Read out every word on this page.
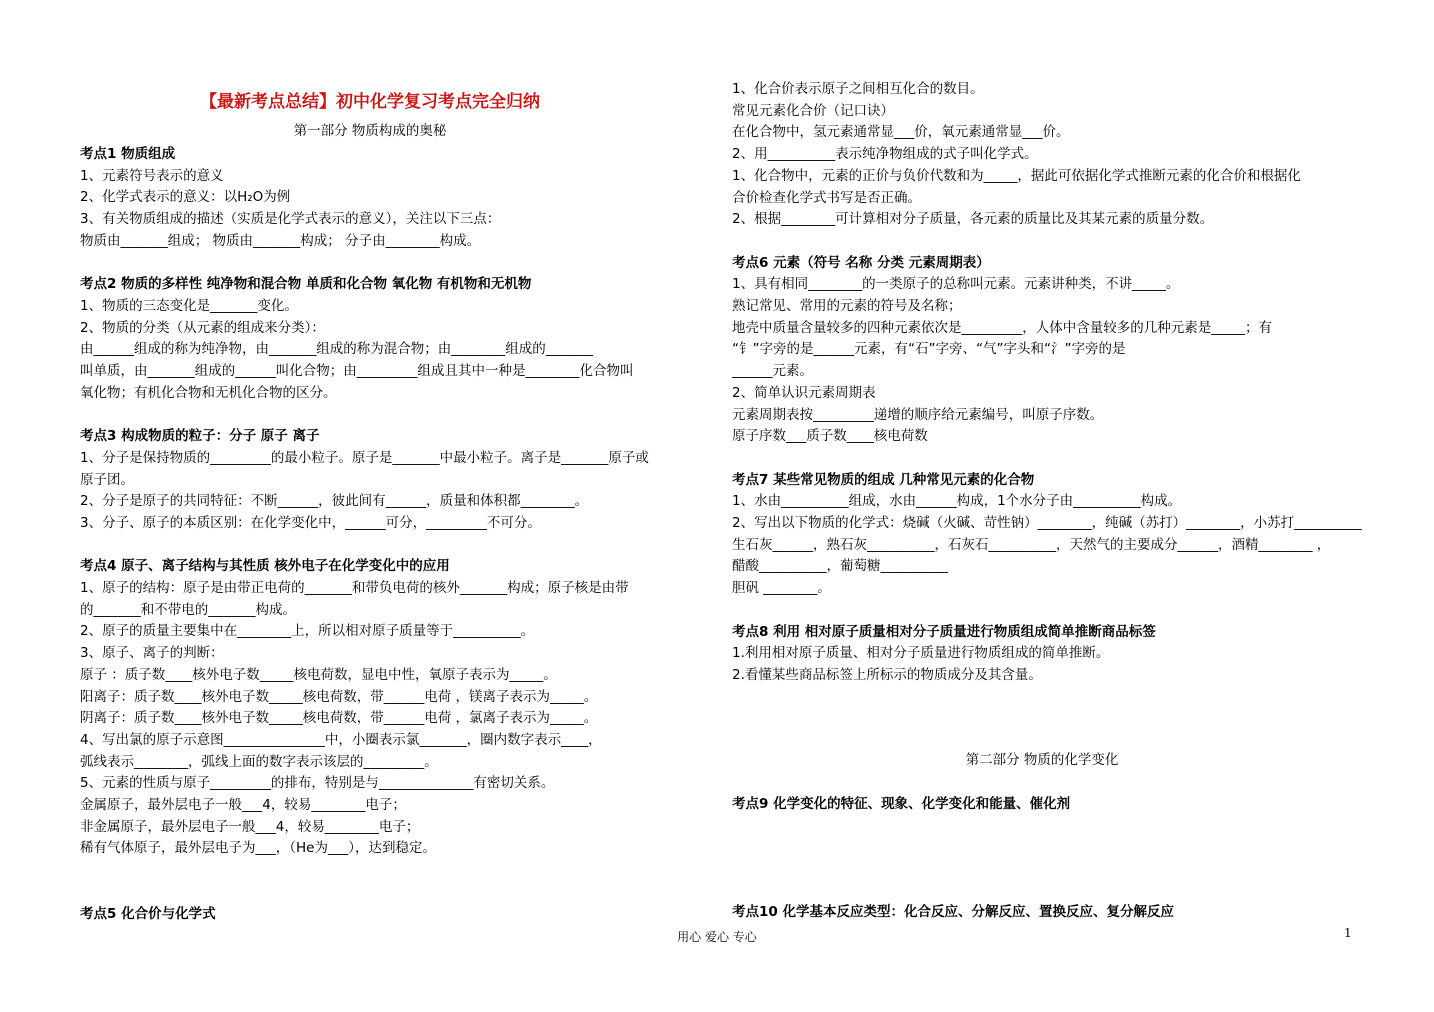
【最新考点总结】初中化学复习考点完全归纳
第一部分 物质构成的奥秘
考点1 物质组成
1、元素符号表示的意义
2、化学式表示的意义：以H₂O为例
3、有关物质组成的描述（实质是化学式表示的意义），关注以下三点：
物质由_______组成； 物质由_______构成； 分子由________构成。
考点2 物质的多样性 纯净物和混合物 单质和化合物 氧化物 有机物和无机物
1、物质的三态变化是_______变化。
2、物质的分类（从元素的组成来分类）：
由______组成的称为纯净物，由_______组成的称为混合物；由________组成的_______
叫单质，由_______组成的______叫化合物；由_________组成且其中一种是________化合物叫
氧化物；有机化合物和无机化合物的区分。
考点3 构成物质的粒子：分子 原子 离子
1、分子是保持物质的_________的最小粒子。原子是_______中最小粒子。离子是_______原子或
原子团。
2、分子是原子的共同特征：不断______，彼此间有______，质量和体积都________。
3、分子、原子的本质区别：在化学变化中，______可分，_________不可分。
考点4 原子、离子结构与其性质 核外电子在化学变化中的应用
1、原子的结构：原子是由带正电荷的_______和带负电荷的核外_______构成；原子核是由带
的_______和不带电的_______构成。
2、原子的质量主要集中在________上，所以相对原子质量等于__________。
3、原子、离子的判断：
原子 ：质子数____核外电子数_____核电荷数，显电中性，氧原子表示为_____。
阳离子：质子数____核外电子数_____核电荷数，带______电荷 ，镁离子表示为_____。
阴离子：质子数____核外电子数_____核电荷数，带______电荷 ，氯离子表示为_____。
4、写出氯的原子示意图_______________中，小圈表示氯_______，圈内数字表示____，
弧线表示________，弧线上面的数字表示该层的_________。
5、元素的性质与原子_________的排布，特别是与______________有密切关系。
金属原子，最外层电子一般___4，较易________电子；
非金属原子，最外层电子一般___4，较易________电子；
稀有气体原子，最外层电子为___，（He为___），达到稳定。
考点5 化合价与化学式
1、化合价表示原子之间相互化合的数目。
常见元素化合价（记口诀）
在化合物中，氢元素通常显___价，氧元素通常显___价。
2、用__________表示纯净物组成的式子叫化学式。
1、化合物中，元素的正价与负价代数和为_____，据此可依据化学式推断元素的化合价和根据化
合价检查化学式书写是否正确。
2、根据________可计算相对分子质量，各元素的质量比及其某元素的质量分数。
考点6 元素（符号 名称 分类 元素周期表）
1、具有相同________的一类原子的总称叫元素。元素讲种类，不讲_____。
熟记常见、常用的元素的符号及名称；
地壳中质量含量较多的四种元素依次是_________，人体中含量较多的几种元素是_____；有
“钅”字旁的是______元素，有“石”字旁、“气”字头和“氵”字旁的是
______元素。
2、简单认识元素周期表
元素周期表按_________递增的顺序给元素编号，叫原子序数。
原子序数___质子数____核电荷数
考点7 某些常见物质的组成 几种常见元素的化合物
1、水由__________组成，水由______构成，1个水分子由__________构成。
2、写出以下物质的化学式：烧碱（火碱、苛性钠）________，纯碱（苏打）________，小苏打__________
生石灰______，熟石灰__________，石灰石__________，天然气的主要成分______，酒精________ ，
醋酸__________，葡萄糖__________
胆矾 ________。
考点8 利用 相对原子质量相对分子质量进行物质组成简单推断商品标签
1.利用相对原子质量、相对分子质量进行物质组成的简单推断。
2.看懂某些商品标签上所标示的物质成分及其含量。
第二部分 物质的化学变化
考点9 化学变化的特征、现象、化学变化和能量、催化剂
考点10 化学基本反应类型：化合反应、分解反应、置换反应、复分解反应
用心 爱心 专心	1
